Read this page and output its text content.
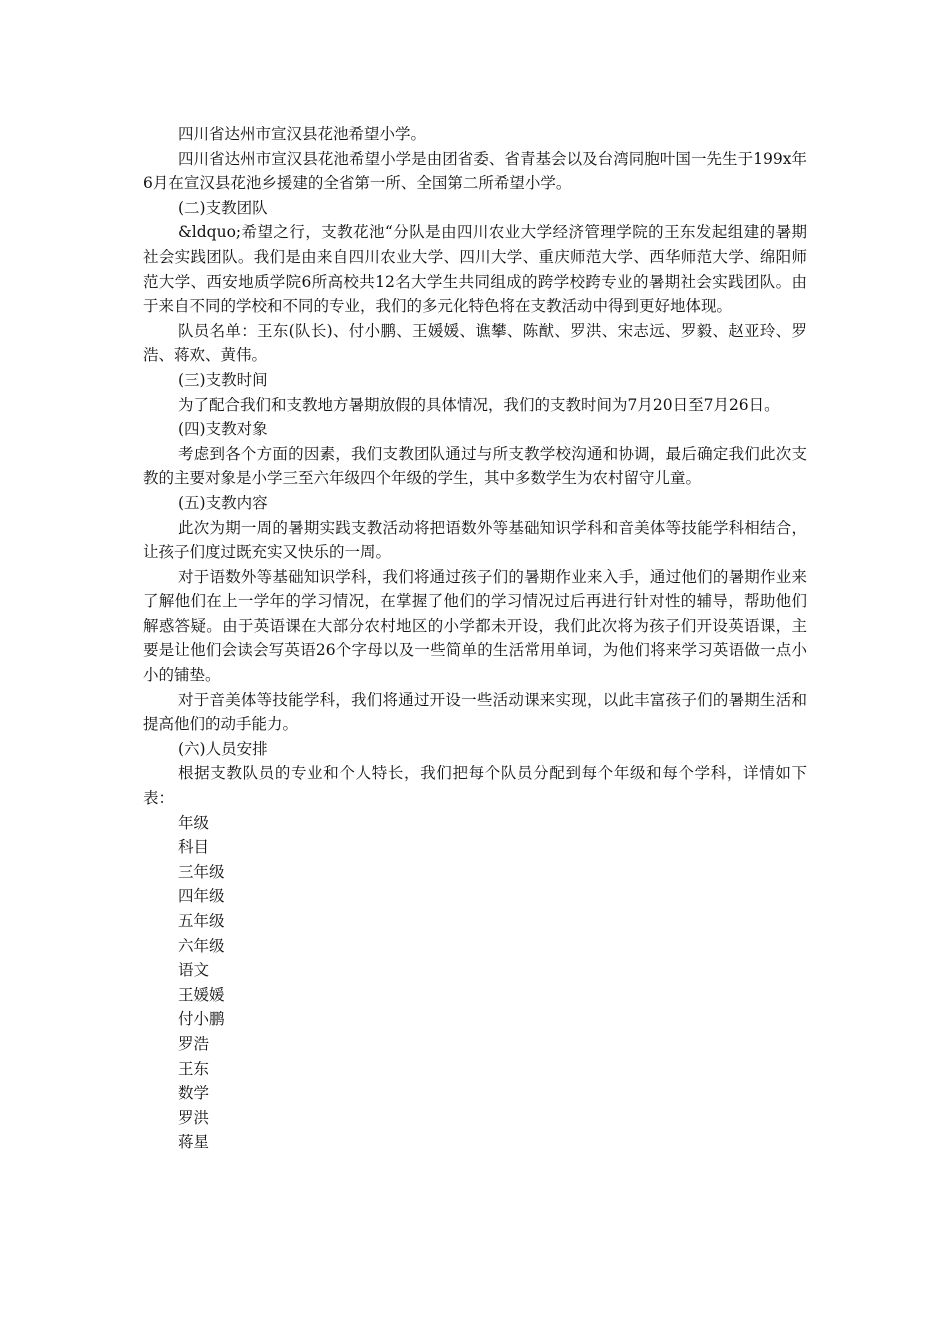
四川省达州市宣汉县花池希望小学。

四川省达州市宣汉县花池希望小学是由团省委、省青基会以及台湾同胞叶国一先生于199x年6月在宣汉县花池乡援建的全省第一所、全国第二所希望小学。

(二)支教团队

&ldquo;希望之行，支教花池“分队是由四川农业大学经济管理学院的王东发起组建的暑期社会实践团队。我们是由来自四川农业大学、四川大学、重庆师范大学、西华师范大学、绵阳师范大学、西安地质学院6所高校共12名大学生共同组成的跨学校跨专业的暑期社会实践团队。由于来自不同的学校和不同的专业，我们的多元化特色将在支教活动中得到更好地体现。

队员名单：王东(队长)、付小鹏、王媛媛、谯攀、陈猷、罗洪、宋志远、罗毅、赵亚玲、罗浩、蒋欢、黄伟。

(三)支教时间

为了配合我们和支教地方暑期放假的具体情况，我们的支教时间为7月20日至7月26日。

(四)支教对象

考虑到各个方面的因素，我们支教团队通过与所支教学校沟通和协调，最后确定我们此次支教的主要对象是小学三至六年级四个年级的学生，其中多数学生为农村留守儿童。

(五)支教内容

此次为期一周的暑期实践支教活动将把语数外等基础知识学科和音美体等技能学科相结合，让孩子们度过既充实又快乐的一周。

对于语数外等基础知识学科，我们将通过孩子们的暑期作业来入手，通过他们的暑期作业来了解他们在上一学年的学习情况，在掌握了他们的学习情况过后再进行针对性的辅导，帮助他们解惑答疑。由于英语课在大部分农村地区的小学都未开设，我们此次将为孩子们开设英语课，主要是让他们会读会写英语26个字母以及一些简单的生活常用单词，为他们将来学习英语做一点小小的铺垫。

对于音美体等技能学科，我们将通过开设一些活动课来实现，以此丰富孩子们的暑期生活和提高他们的动手能力。

(六)人员安排

根据支教队员的专业和个人特长，我们把每个队员分配到每个年级和每个学科，详情如下表：

年级

科目

三年级

四年级

五年级

六年级

语文

王媛媛

付小鹏

罗浩

王东

数学

罗洪

蒋星
